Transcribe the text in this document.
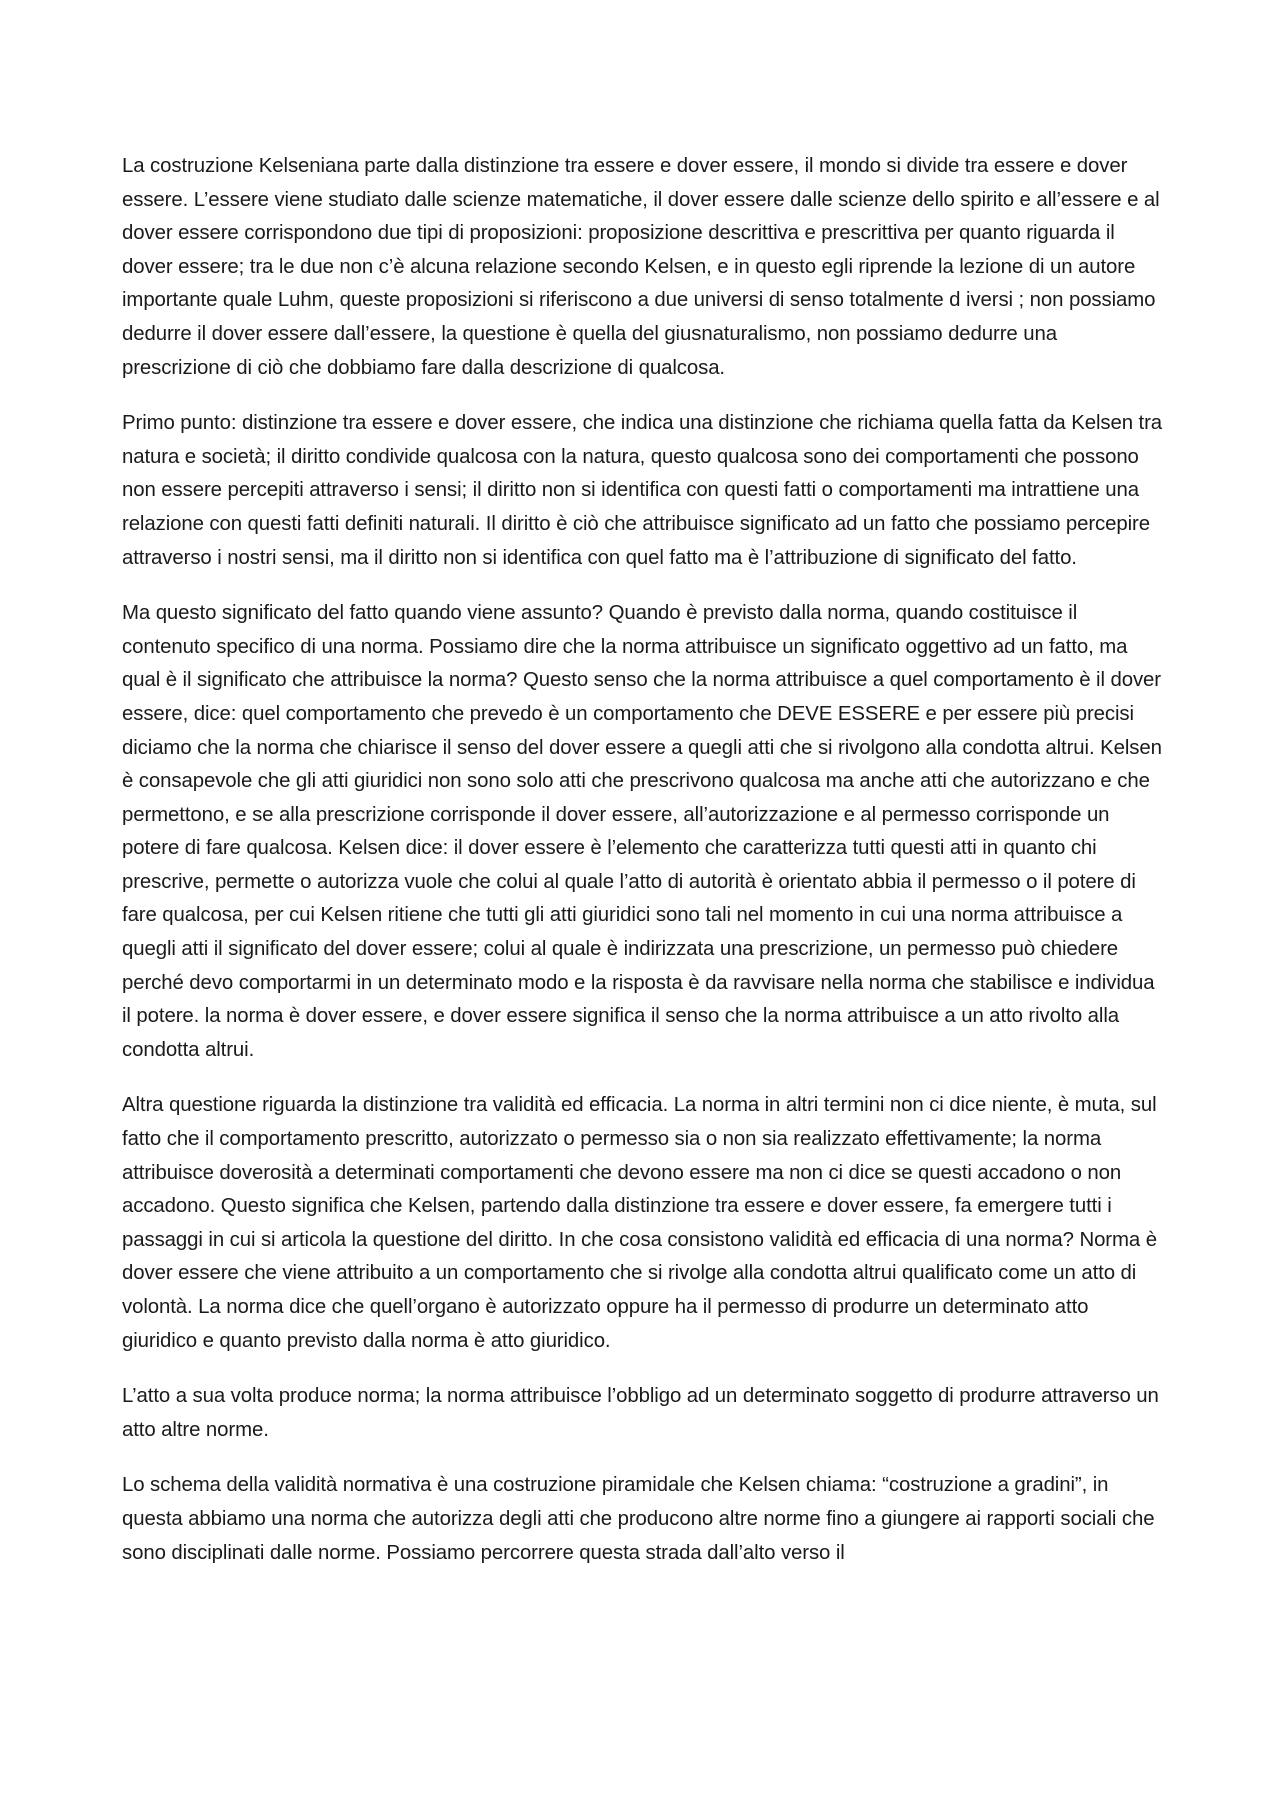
La costruzione Kelseniana parte dalla distinzione tra essere e dover essere, il mondo si divide tra essere e dover essere. L’essere viene studiato dalle scienze matematiche, il dover essere dalle scienze dello spirito e all’essere e al dover essere corrispondono due tipi di proposizioni: proposizione descrittiva e prescrittiva per quanto riguarda il dover essere; tra le due non c’è alcuna relazione secondo Kelsen, e in questo egli riprende la lezione di un autore importante quale Luhm, queste proposizioni si riferiscono a due universi di senso totalmente d iversi ; non possiamo dedurre il dover essere dall’essere, la questione è quella del giusnaturalismo, non possiamo dedurre una prescrizione di ciò che dobbiamo fare dalla descrizione di qualcosa.

Primo punto: distinzione tra essere e dover essere, che indica una distinzione che richiama quella fatta da Kelsen tra natura e società; il diritto condivide qualcosa con la natura, questo qualcosa sono dei comportamenti che possono non essere percepiti attraverso i sensi; il diritto non si identifica con questi fatti o comportamenti ma intrattiene una relazione con questi fatti definiti naturali. Il diritto è ciò che attribuisce significato ad un fatto che possiamo percepire attraverso i nostri sensi, ma il diritto non si identifica con quel fatto ma è l’attribuzione di significato del fatto.

Ma questo significato del fatto quando viene assunto? Quando è previsto dalla norma, quando costituisce il contenuto specifico di una norma. Possiamo dire che la norma attribuisce un significato oggettivo ad un fatto, ma qual è il significato che attribuisce la norma? Questo senso che la norma attribuisce a quel comportamento è il dover essere, dice: quel comportamento che prevedo è un comportamento che DEVE ESSERE e per essere più precisi diciamo che la norma che chiarisce il senso del dover essere a quegli atti che si rivolgono alla condotta altrui. Kelsen è consapevole che gli atti giuridici non sono solo atti che prescrivono qualcosa ma anche atti che autorizzano e che permettono, e se alla prescrizione corrisponde il dover essere, all’autorizzazione e al permesso corrisponde un potere di fare qualcosa. Kelsen dice: il dover essere è l’elemento che caratterizza tutti questi atti in quanto chi prescrive, permette o autorizza vuole che colui al quale l’atto di autorità è orientato abbia il permesso o il potere di fare qualcosa, per cui Kelsen ritiene che tutti gli atti giuridici sono tali nel momento in cui una norma attribuisce a quegli atti il significato del dover essere; colui al quale è indirizzata una prescrizione, un permesso può chiedere perché devo comportarmi in un determinato modo e la risposta è da ravvisare nella norma che stabilisce e individua il potere. la norma è dover essere, e dover essere significa il senso che la norma attribuisce a un atto rivolto alla condotta altrui.

Altra questione riguarda la distinzione tra validità ed efficacia. La norma in altri termini non ci dice niente, è muta, sul fatto che il comportamento prescritto, autorizzato o permesso sia o non sia realizzato effettivamente; la norma attribuisce doverosità a determinati comportamenti che devono essere ma non ci dice se questi accadono o non accadono. Questo significa che Kelsen, partendo dalla distinzione tra essere e dover essere, fa emergere tutti i passaggi in cui si articola la questione del diritto. In che cosa consistono validità ed efficacia di una norma? Norma è dover essere che viene attribuito a un comportamento che si rivolge alla condotta altrui qualificato come un atto di volontà. La norma dice che quell’organo è autorizzato oppure ha il permesso di produrre un determinato atto giuridico e quanto previsto dalla norma è atto giuridico.

L’atto a sua volta produce norma; la norma attribuisce l’obbligo ad un determinato soggetto di produrre attraverso un atto altre norme.

Lo schema della validità normativa è una costruzione piramidale che Kelsen chiama: “costruzione a gradini”, in questa abbiamo una norma che autorizza degli atti che producono altre norme fino a giungere ai rapporti sociali che sono disciplinati dalle norme. Possiamo percorrere questa strada dall’alto verso il
